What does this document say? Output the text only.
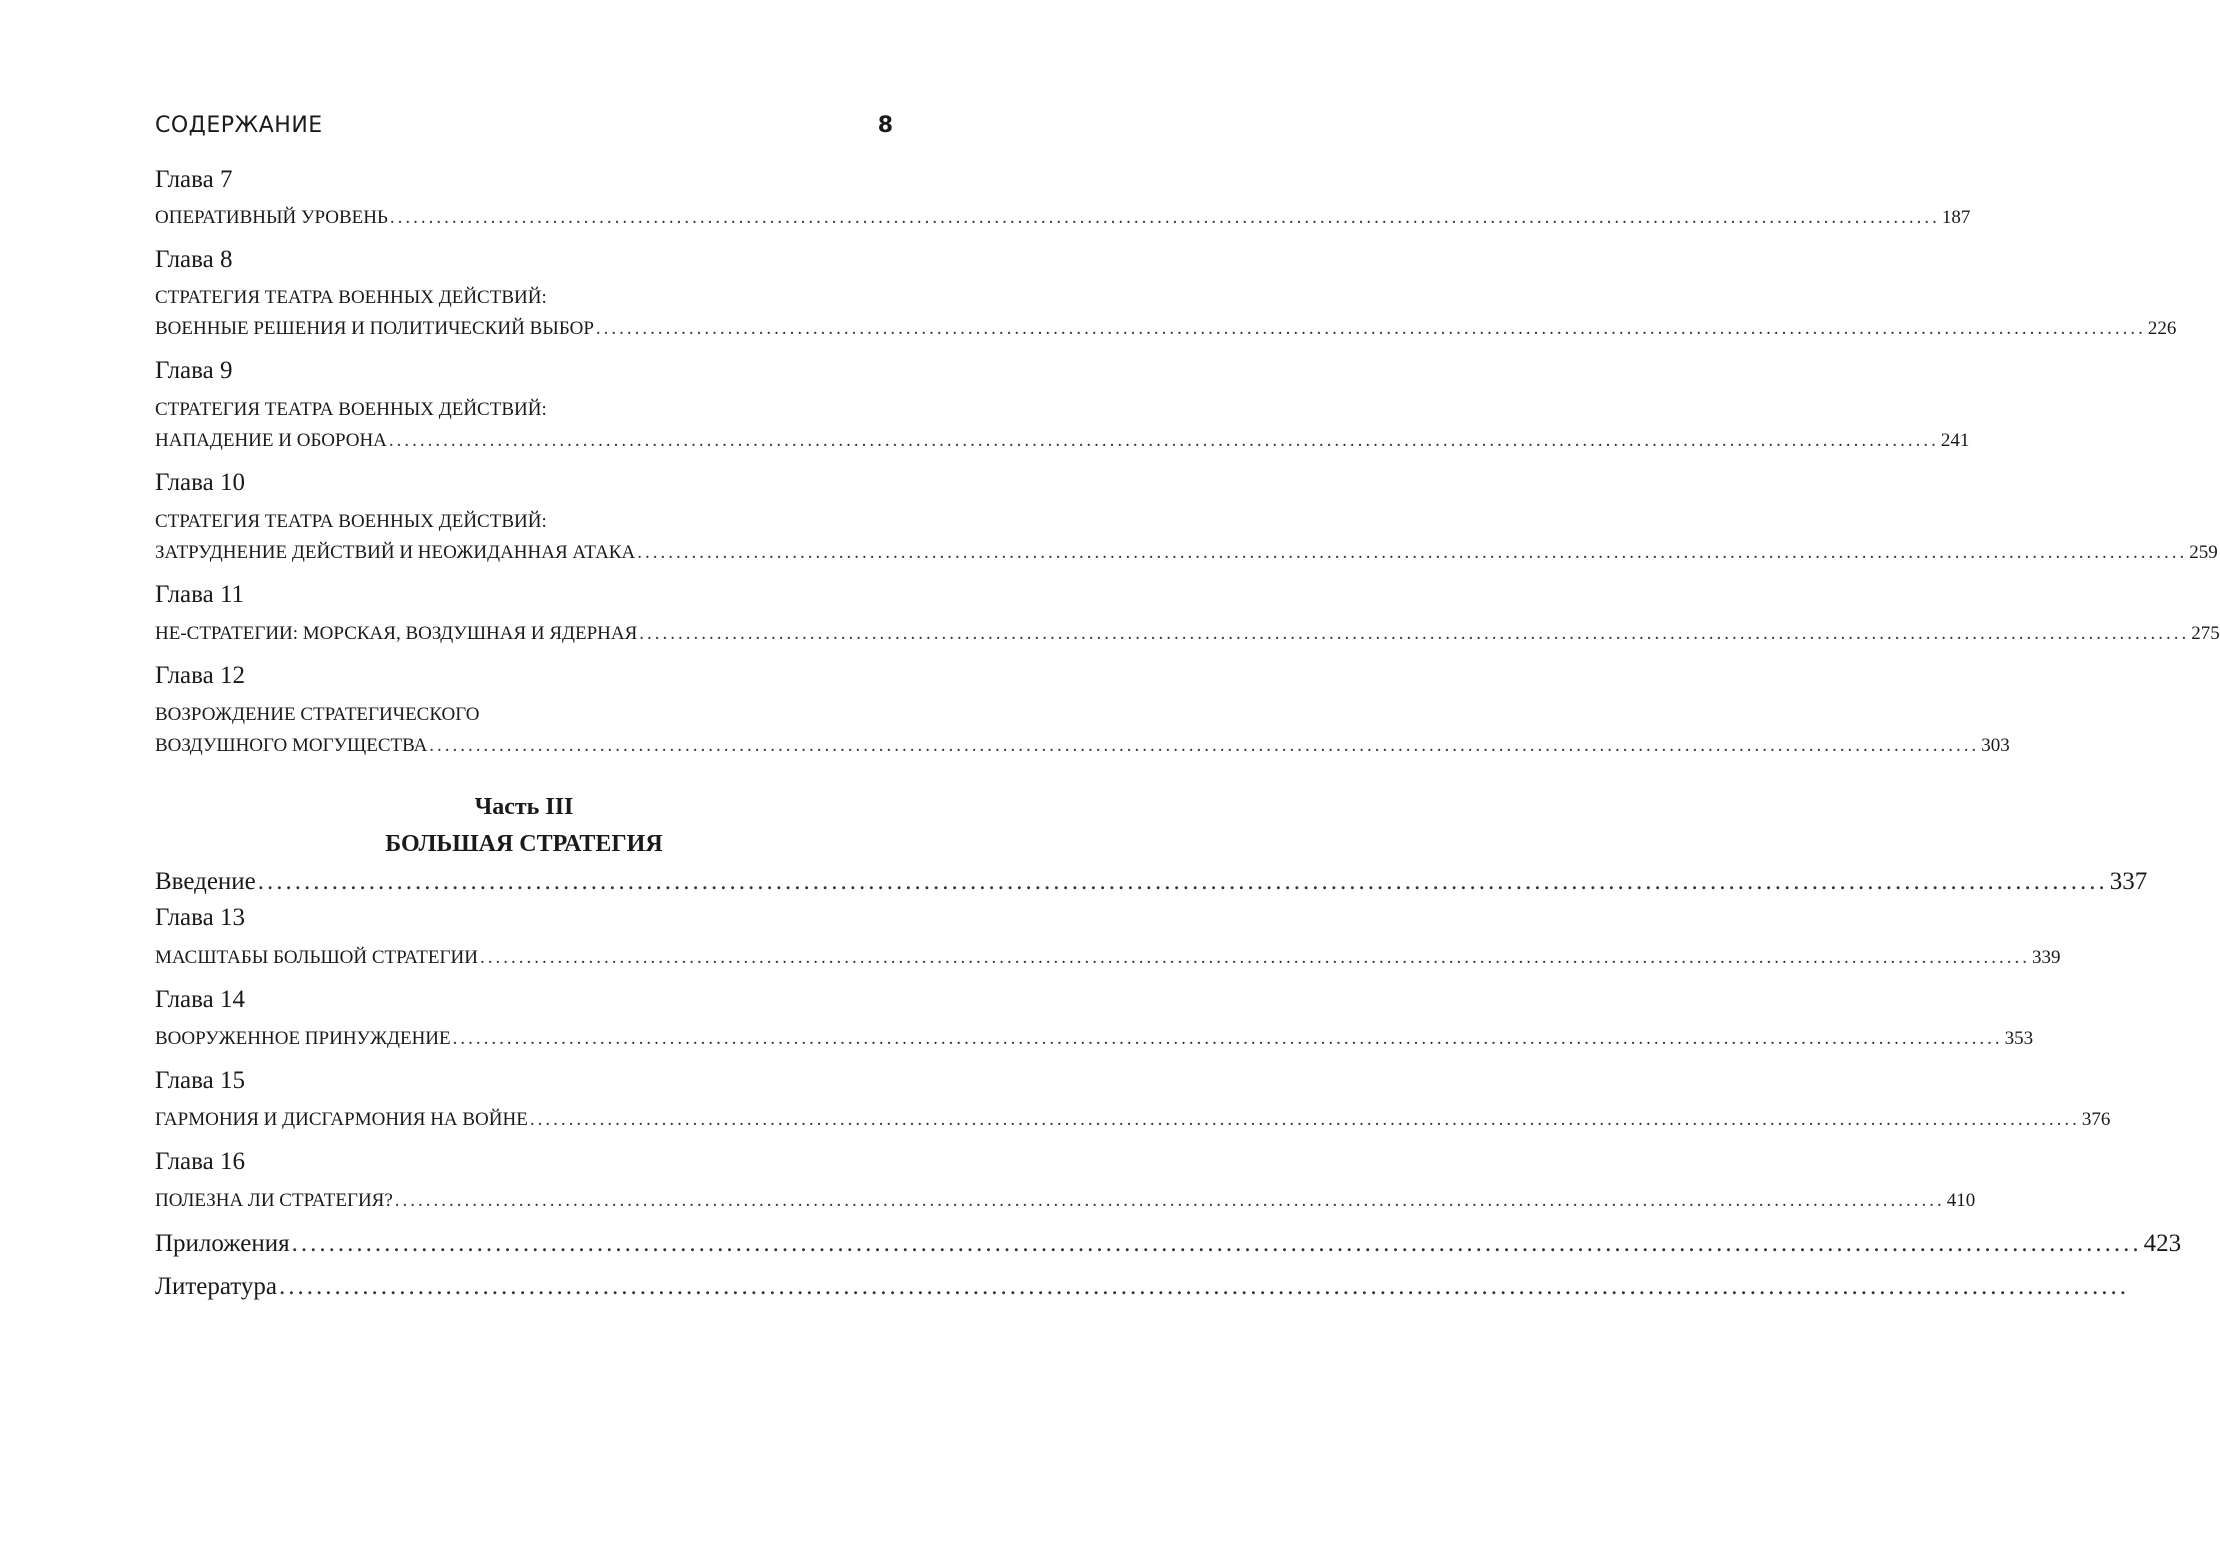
СОДЕРЖАНИЕ	8
Глава 7
ОПЕРАТИВНЫЙ УРОВЕНЬ ........................................................................................................................................................................................................ 187
Глава 8
СТРАТЕГИЯ ТЕАТРА ВОЕННЫХ ДЕЙСТВИЙ:
ВОЕННЫЕ РЕШЕНИЯ И ПОЛИТИЧЕСКИЙ ВЫБОР ........................................................................................................................................................................................................ 226
Глава 9
СТРАТЕГИЯ ТЕАТРА ВОЕННЫХ ДЕЙСТВИЙ:
НАПАДЕНИЕ И ОБОРОНА ........................................................................................................................................................................................................ 241
Глава 10
СТРАТЕГИЯ ТЕАТРА ВОЕННЫХ ДЕЙСТВИЙ:
ЗАТРУДНЕНИЕ ДЕЙСТВИЙ И НЕОЖИДАННАЯ АТАКА ........................................................................................................................................................................................................ 259
Глава 11
НЕ-СТРАТЕГИИ: МОРСКАЯ, ВОЗДУШНАЯ И ЯДЕРНАЯ ........................................................................................................................................................................................................ 275
Глава 12
ВОЗРОЖДЕНИЕ СТРАТЕГИЧЕСКОГО
ВОЗДУШНОГО МОГУЩЕСТВА ........................................................................................................................................................................................................ 303
Часть III
БОЛЬШАЯ СТРАТЕГИЯ
Введение ........................................................................................................................................................................................................ 337
Глава 13
МАСШТАБЫ БОЛЬШОЙ СТРАТЕГИИ ........................................................................................................................................................................................................ 339
Глава 14
ВООРУЖЕННОЕ ПРИНУЖДЕНИЕ ........................................................................................................................................................................................................ 353
Глава 15
ГАРМОНИЯ И ДИСГАРМОНИЯ НА ВОЙНЕ ........................................................................................................................................................................................................ 376
Глава 16
ПОЛЕЗНА ЛИ СТРАТЕГИЯ? ........................................................................................................................................................................................................ 410
Приложения ........................................................................................................................................................................................................ 423
Литература ........................................................................................................................................................................................................
